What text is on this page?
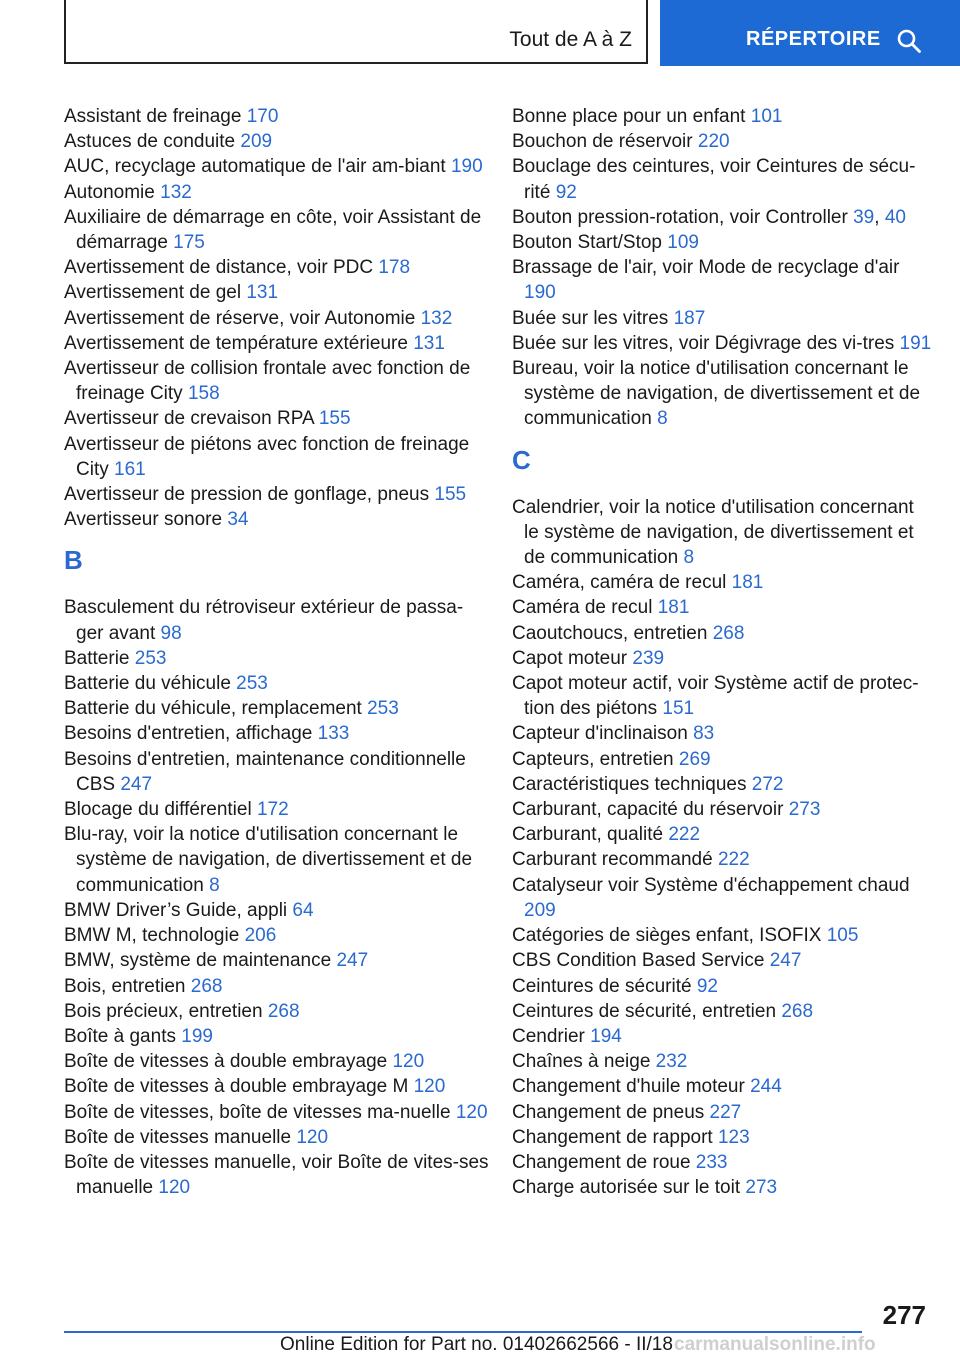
Tout de A à Z	RÉPERTOIRE
Assistant de freinage 170
Astuces de conduite 209
AUC, recyclage automatique de l'air am-biant 190
Autonomie 132
Auxiliaire de démarrage en côte, voir Assistant de démarrage 175
Avertissement de distance, voir PDC 178
Avertissement de gel 131
Avertissement de réserve, voir Autonomie 132
Avertissement de température extérieure 131
Avertisseur de collision frontale avec fonction de freinage City 158
Avertisseur de crevaison RPA 155
Avertisseur de piétons avec fonction de freinage City 161
Avertisseur de pression de gonflage, pneus 155
Avertisseur sonore 34
B
Basculement du rétroviseur extérieur de passa-ger avant 98
Batterie 253
Batterie du véhicule 253
Batterie du véhicule, remplacement 253
Besoins d'entretien, affichage 133
Besoins d'entretien, maintenance conditionnelle CBS 247
Blocage du différentiel 172
Blu-ray, voir la notice d'utilisation concernant le système de navigation, de divertissement et de communication 8
BMW Driver’s Guide, appli 64
BMW M, technologie 206
BMW, système de maintenance 247
Bois, entretien 268
Bois précieux, entretien 268
Boîte à gants 199
Boîte de vitesses à double embrayage 120
Boîte de vitesses à double embrayage M 120
Boîte de vitesses, boîte de vitesses ma-nuelle 120
Boîte de vitesses manuelle 120
Boîte de vitesses manuelle, voir Boîte de vites-ses manuelle 120
Bonne place pour un enfant 101
Bouchon de réservoir 220
Bouclage des ceintures, voir Ceintures de sécu-rité 92
Bouton pression-rotation, voir Controller 39, 40
Bouton Start/Stop 109
Brassage de l'air, voir Mode de recyclage d'air 190
Buée sur les vitres 187
Buée sur les vitres, voir Dégivrage des vi-tres 191
Bureau, voir la notice d'utilisation concernant le système de navigation, de divertissement et de communication 8
C
Calendrier, voir la notice d'utilisation concernant le système de navigation, de divertissement et de communication 8
Caméra, caméra de recul 181
Caméra de recul 181
Caoutchoucs, entretien 268
Capot moteur 239
Capot moteur actif, voir Système actif de protec-tion des piétons 151
Capteur d'inclinaison 83
Capteurs, entretien 269
Caractéristiques techniques 272
Carburant, capacité du réservoir 273
Carburant, qualité 222
Carburant recommandé 222
Catalyseur voir Système d'échappement chaud 209
Catégories de sièges enfant, ISOFIX 105
CBS Condition Based Service 247
Ceintures de sécurité 92
Ceintures de sécurité, entretien 268
Cendrier 194
Chaînes à neige 232
Changement d'huile moteur 244
Changement de pneus 227
Changement de rapport 123
Changement de roue 233
Charge autorisée sur le toit 273
277
Online Edition for Part no. 01402662566 - II/18 carmanualsonline.info
